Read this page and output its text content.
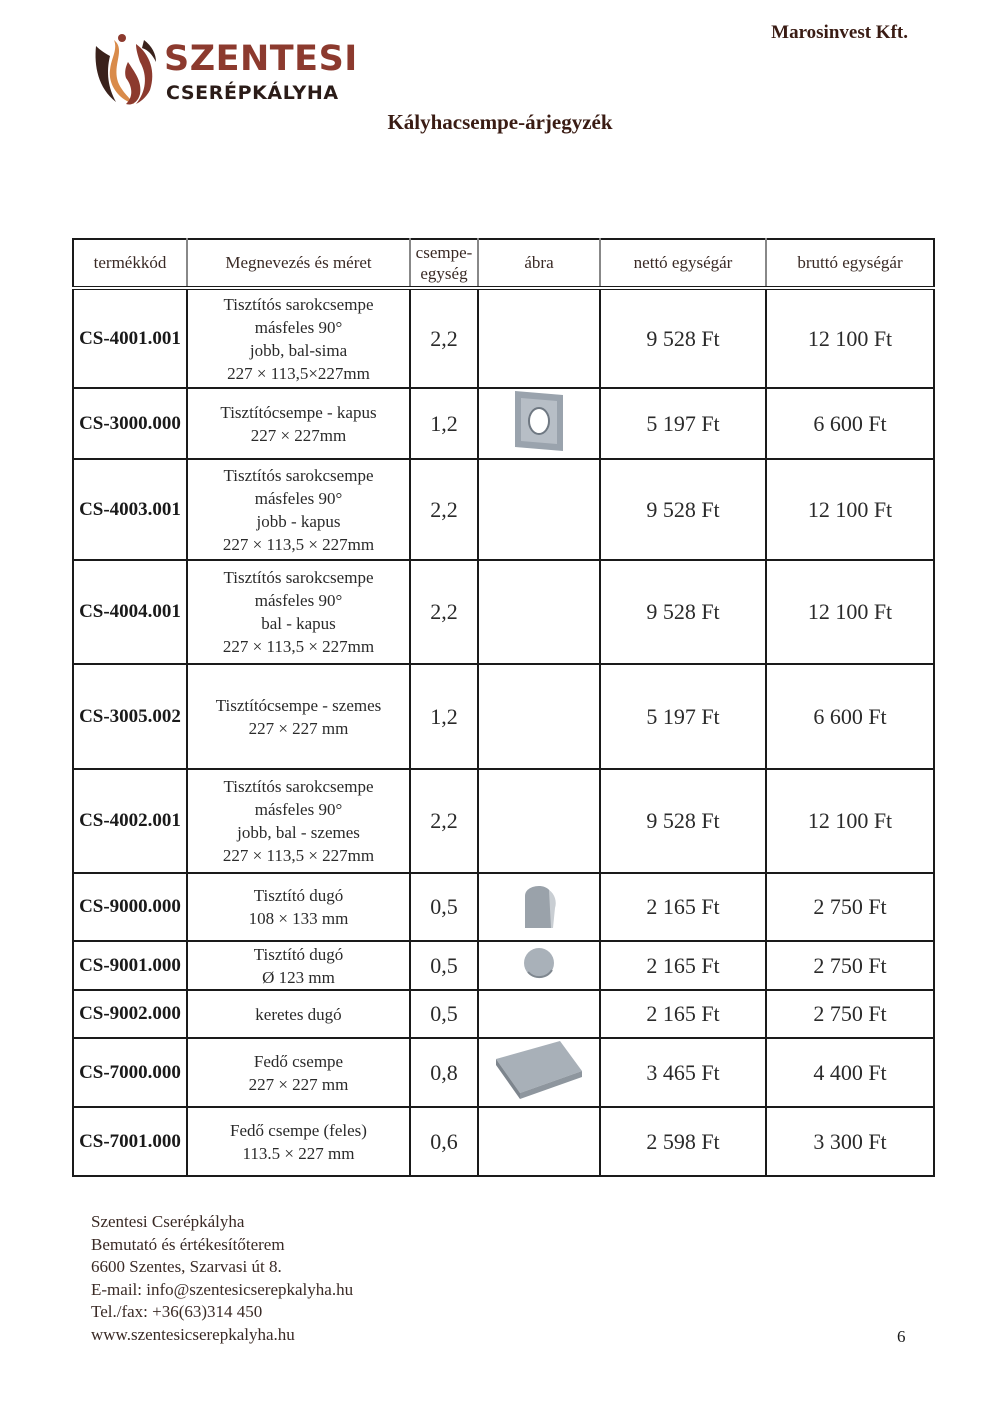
Marosinvest Kft.
SZENTESI
CSERÉPKÁLYHA
Kályhacsempe-árjegyzék
termékkód	Megnevezés és méret	csempe-
egység	ábra	nettó egységár	bruttó egységár
CS-4001.001	Tisztítós sarokcsempe
másfeles 90°
jobb, bal-sima
227 × 113,5×227mm	2,2		9 528 Ft	12 100 Ft
CS-3000.000	Tisztítócsempe - kapus
227 × 227mm	1,2		5 197 Ft	6 600 Ft
CS-4003.001	Tisztítós sarokcsempe
másfeles 90°
jobb - kapus
227 × 113,5 × 227mm	2,2		9 528 Ft	12 100 Ft
CS-4004.001	Tisztítós sarokcsempe
másfeles 90°
bal - kapus
227 × 113,5 × 227mm	2,2		9 528 Ft	12 100 Ft
CS-3005.002	Tisztítócsempe - szemes
227 × 227 mm	1,2		5 197 Ft	6 600 Ft
CS-4002.001	Tisztítós sarokcsempe
másfeles 90°
jobb, bal - szemes
227 × 113,5 × 227mm	2,2		9 528 Ft	12 100 Ft
CS-9000.000	Tisztító dugó
108 × 133 mm	0,5		2 165 Ft	2 750 Ft
CS-9001.000	Tisztító dugó
Ø 123 mm	0,5		2 165 Ft	2 750 Ft
CS-9002.000	keretes dugó	0,5		2 165 Ft	2 750 Ft
CS-7000.000	Fedő csempe
227 × 227 mm	0,8		3 465 Ft	4 400 Ft
CS-7001.000	Fedő csempe (feles)
113.5 × 227 mm	0,6		2 598 Ft	3 300 Ft
Szentesi Cserépkályha
Bemutató és értékesítőterem
6600 Szentes, Szarvasi út 8.
E-mail: info@szentesicserepkalyha.hu
Tel./fax: +36(63)314 450
www.szentesicserepkalyha.hu	6
